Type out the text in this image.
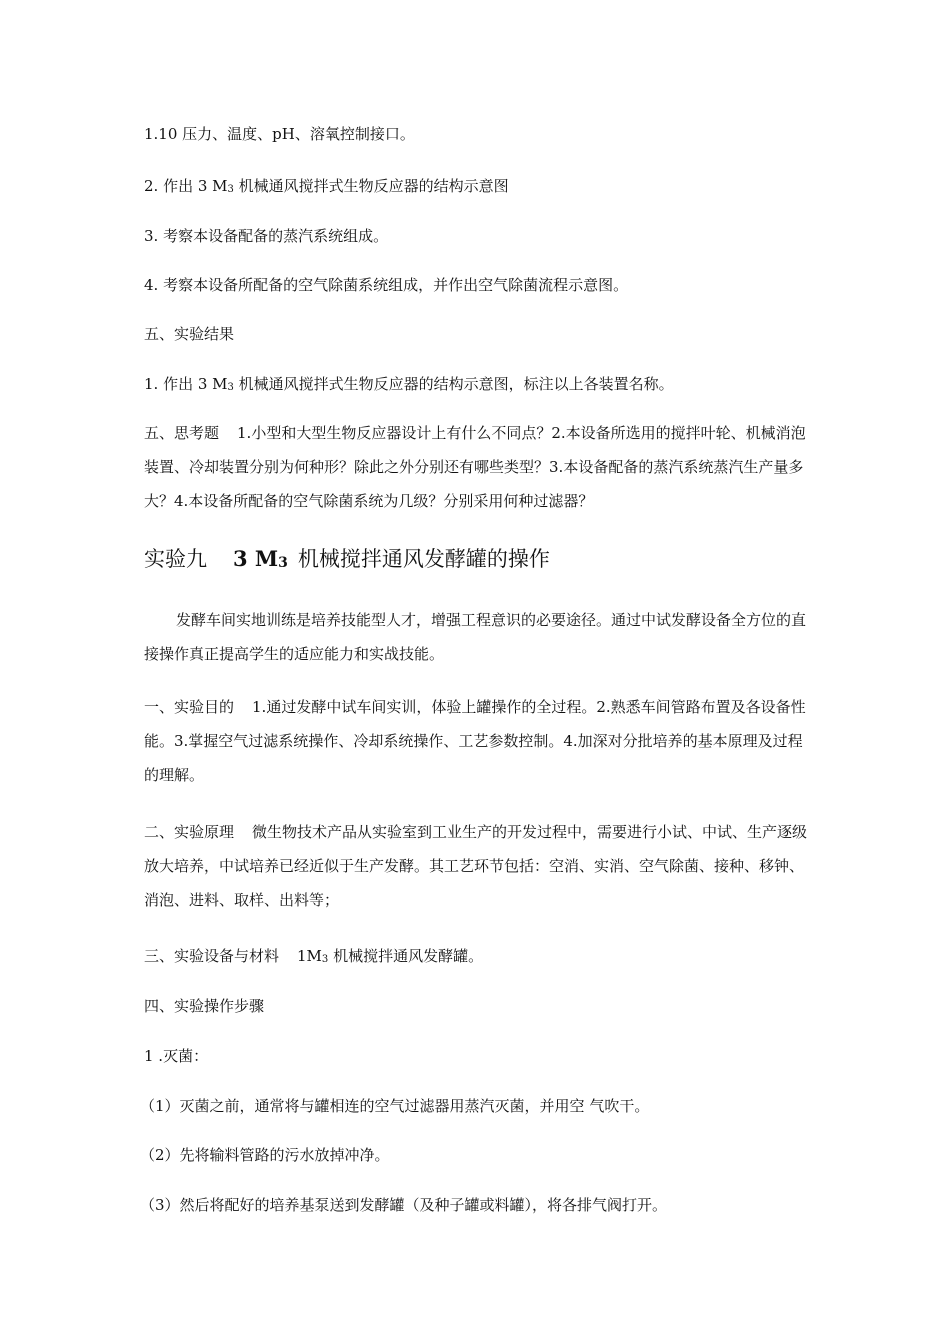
1.10 压力、温度、pH、溶氧控制接口。
2. 作出 3 M3 机械通风搅拌式生物反应器的结构示意图
3. 考察本设备配备的蒸汽系统组成。
4. 考察本设备所配备的空气除菌系统组成，并作出空气除菌流程示意图。
五、实验结果
1. 作出 3 M3 机械通风搅拌式生物反应器的结构示意图，标注以上各装置名称。
五、思考题 1.小型和大型生物反应器设计上有什么不同点？2.本设备所选用的搅拌叶轮、机械消泡装置、冷却装置分别为何种形？除此之外分别还有哪些类型？3.本设备配备的蒸汽系统蒸汽生产量多大？4.本设备所配备的空气除菌系统为几级？分别采用何种过滤器？
实验九 3 M3 机械搅拌通风发酵罐的操作
发酵车间实地训练是培养技能型人才，增强工程意识的必要途径。通过中试发酵设备全方位的直接操作真正提高学生的适应能力和实战技能。
一、实验目的 1.通过发酵中试车间实训，体验上罐操作的全过程。2.熟悉车间管路布置及各设备性能。3.掌握空气过滤系统操作、冷却系统操作、工艺参数控制。4.加深对分批培养的基本原理及过程的理解。
二、实验原理 微生物技术产品从实验室到工业生产的开发过程中，需要进行小试、中试、生产逐级放大培养，中试培养已经近似于生产发酵。其工艺环节包括：空消、实消、空气除菌、接种、移钟、消泡、进料、取样、出料等；
三、实验设备与材料 1M3 机械搅拌通风发酵罐。
四、实验操作步骤
1 .灭菌：
（1）灭菌之前，通常将与罐相连的空气过滤器用蒸汽灭菌，并用空 气吹干。
（2）先将输料管路的污水放掉冲净。
（3）然后将配好的培养基泵送到发酵罐（及种子罐或料罐），将各排气阀打开。
